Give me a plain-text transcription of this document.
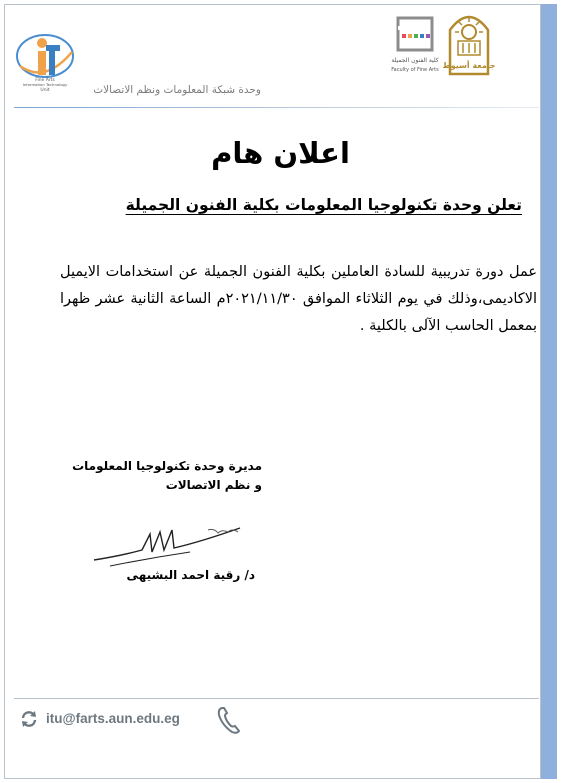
Fine Arts
Information Technology
Unit	وحدة شبكة المعلومات ونظم الاتصالات
كلية الفنون الجميلة
Faculty of Fine Arts جامعة أسيوط
اعلان هام
تعلن وحدة تكنولوجيا المعلومات بكلية الفنون الجميلة
عمل دورة تدريبية للسادة العاملين بكلية الفنون الجميلة عن استخدامات الايميل الاكاديمى،وذلك في يوم الثلاثاء الموافق ٢٠٢١/١١/٣٠م الساعة الثانية عشر ظهرا بمعمل الحاسب الآلى بالكلية .
مديرة وحدة تكنولوجيا المعلومات
و نظم الاتصالات
د/ رقية احمد البشيهى
itu@farts.aun.edu.eg
